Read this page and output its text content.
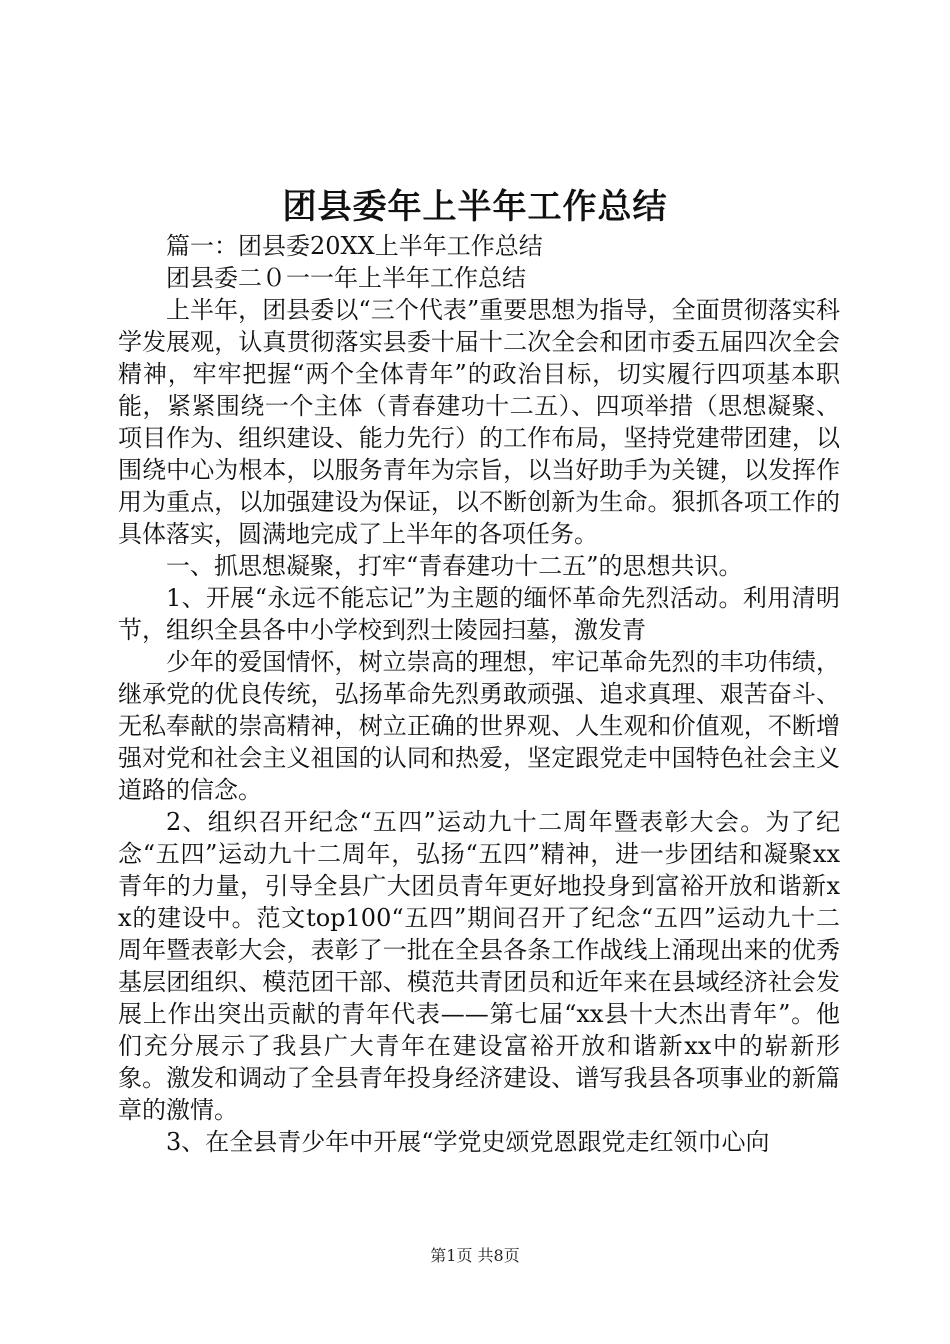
团县委年上半年工作总结

篇一：团县委20XX上半年工作总结

团县委二０一一年上半年工作总结

上半年，团县委以“三个代表”重要思想为指导，全面贯彻落实科学发展观，认真贯彻落实县委十届十二次全会和团市委五届四次全会精神，牢牢把握“两个全体青年”的政治目标，切实履行四项基本职能，紧紧围绕一个主体（青春建功十二五）、四项举措（思想凝聚、项目作为、组织建设、能力先行）的工作布局，坚持党建带团建，以围绕中心为根本，以服务青年为宗旨，以当好助手为关键，以发挥作用为重点，以加强建设为保证，以不断创新为生命。狠抓各项工作的具体落实，圆满地完成了上半年的各项任务。

一、抓思想凝聚，打牢“青春建功十二五”的思想共识。

1、开展“永远不能忘记”为主题的缅怀革命先烈活动。利用清明节，组织全县各中小学校到烈士陵园扫墓，激发青

少年的爱国情怀，树立崇高的理想，牢记革命先烈的丰功伟绩，继承党的优良传统，弘扬革命先烈勇敢顽强、追求真理、艰苦奋斗、无私奉献的崇高精神，树立正确的世界观、人生观和价值观，不断增强对党和社会主义祖国的认同和热爱，坚定跟党走中国特色社会主义道路的信念。

2、组织召开纪念“五四”运动九十二周年暨表彰大会。为了纪念“五四”运动九十二周年，弘扬“五四”精神，进一步团结和凝聚xx青年的力量，引导全县广大团员青年更好地投身到富裕开放和谐新xx的建设中。范文top100“五四”期间召开了纪念“五四”运动九十二周年暨表彰大会，表彰了一批在全县各条工作战线上涌现出来的优秀基层团组织、模范团干部、模范共青团员和近年来在县域经济社会发展上作出突出贡献的青年代表——第七届“xx县十大杰出青年”。他们充分展示了我县广大青年在建设富裕开放和谐新xx中的崭新形象。激发和调动了全县青年投身经济建设、谱写我县各项事业的新篇章的激情。

3、在全县青少年中开展“学党史颂党恩跟党走红领巾心向

第1页 共8页
